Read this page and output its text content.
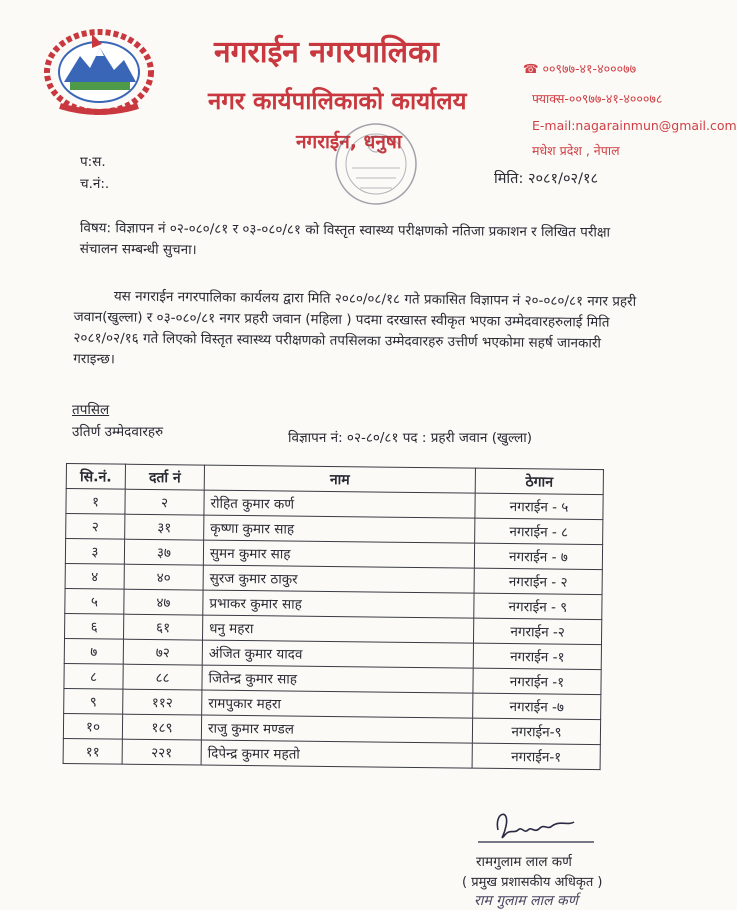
नगराईन नगरपालिका
नगर कार्यपालिकाको कार्यालय
नगराईन, धनुषा
☎ ००९७७-४१-४०००७७
फ्याक्स-००९७७-४१-४०००७८
E-mail:nagarainmun@gmail.com
मधेश प्रदेश , नेपाल
प:स.
च.नं:.	मिति: २०८१/०२/१८
विषय: विज्ञापन नं ०२-०८०/८१ र ०३-०८०/८१ को विस्तृत स्वास्थ्य परीक्षणको नतिजा प्रकाशन र लिखित परीक्षा संचालन सम्बन्धी सुचना।
यस नगराईन नगरपालिका कार्यलय द्वारा मिति २०८०/०८/१८ गते प्रकासित विज्ञापन नं २०-०८०/८१ नगर प्रहरी जवान(खुल्ला) र ०३-०८०/८१ नगर प्रहरी जवान (महिला ) पदमा दरखास्त स्वीकृत भएका उम्मेदवारहरुलाई मिति २०८१/०२/१६ गते लिएको विस्तृत स्वास्थ्य परीक्षणको तपसिलका उम्मेदवारहरु उत्तीर्ण भएकोमा सहर्ष जानकारी गराइन्छ।
तपसिल
उतिर्ण उम्मेदवारहरु	विज्ञापन नं: ०२-८०/८१ पद : प्रहरी जवान (खुल्ला)
सि.नं.	दर्ता नं	नाम	ठेगान
१	२	रोहित कुमार कर्ण	नगराईन - ५
२	३१	कृष्णा कुमार साह	नगराईन - ८
३	३७	सुमन कुमार साह	नगराईन - ७
४	४०	सुरज कुमार ठाकुर	नगराईन - २
५	४७	प्रभाकर कुमार साह	नगराईन - ९
६	६१	धनु महरा	नगराईन -२
७	७२	अंजित कुमार यादव	नगराईन -१
८	८८	जितेन्द्र कुमार साह	नगराईन -१
९	११२	रामपुकार महरा	नगराईन -७
१०	१८९	राजु कुमार मण्डल	नगराईन-९
११	२२१	दिपेन्द्र कुमार महतो	नगराईन-१
रामगुलाम लाल कर्ण
( प्रमुख प्रशासकीय अधिकृत )
राम गुलाम लाल कर्ण
